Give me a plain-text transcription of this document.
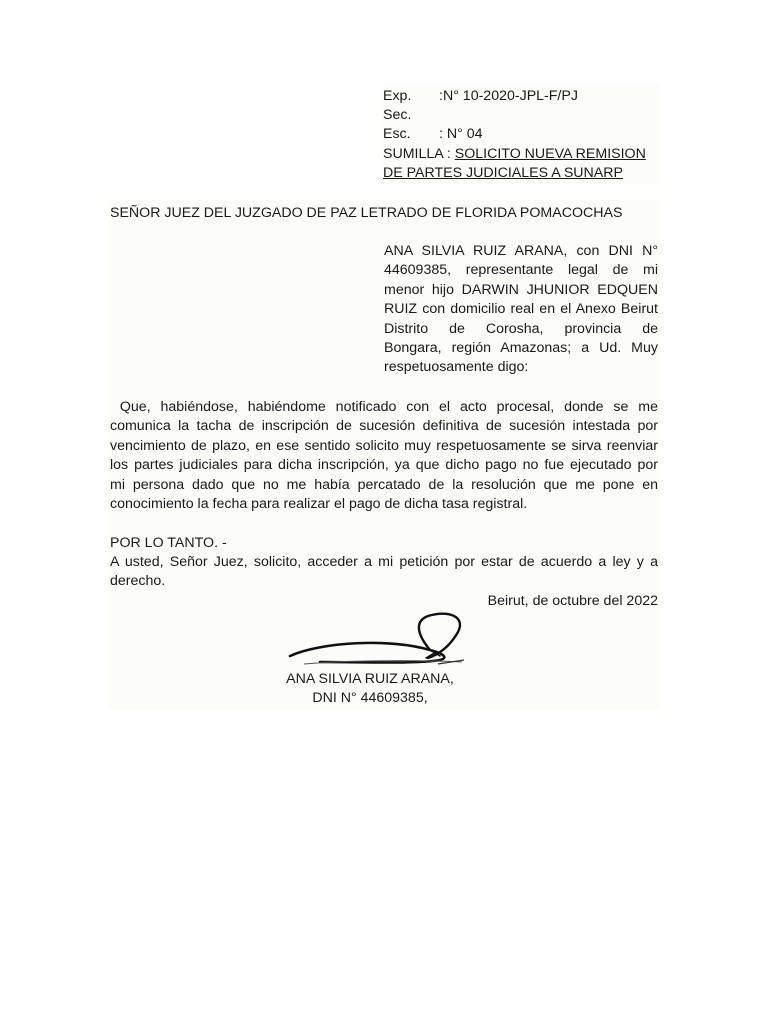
Exp. :N° 10-2020-JPL-F/PJ
Sec.
Esc. : N° 04
SUMILLA : SOLICITO NUEVA REMISION
DE PARTES JUDICIALES A SUNARP
SEÑOR JUEZ DEL JUZGADO DE PAZ LETRADO DE FLORIDA POMACOCHAS

ANA SILVIA RUIZ ARANA, con DNI N°

44609385, representante legal de mi

menor hijo DARWIN JHUNIOR EDQUEN

RUIZ con domicilio real en el Anexo Beirut

Distrito de Corosha, provincia de

Bongara, región Amazonas; a Ud. Muy

respetuosamente digo:

Que, habiéndose, habiéndome notificado con el acto procesal, donde se me

comunica la tacha de inscripción de sucesión definitiva de sucesión intestada por

vencimiento de plazo, en ese sentido solicito muy respetuosamente se sirva reenviar

los partes judiciales para dicha inscripción, ya que dicho pago no fue ejecutado por

mi persona dado que no me había percatado de la resolución que me pone en

conocimiento la fecha para realizar el pago de dicha tasa registral.

POR LO TANTO. -

A usted, Señor Juez, solicito, acceder a mi petición por estar de acuerdo a ley y a

derecho.

Beirut, de octubre del 2022
ANA SILVIA RUIZ ARANA,
DNI N° 44609385,
